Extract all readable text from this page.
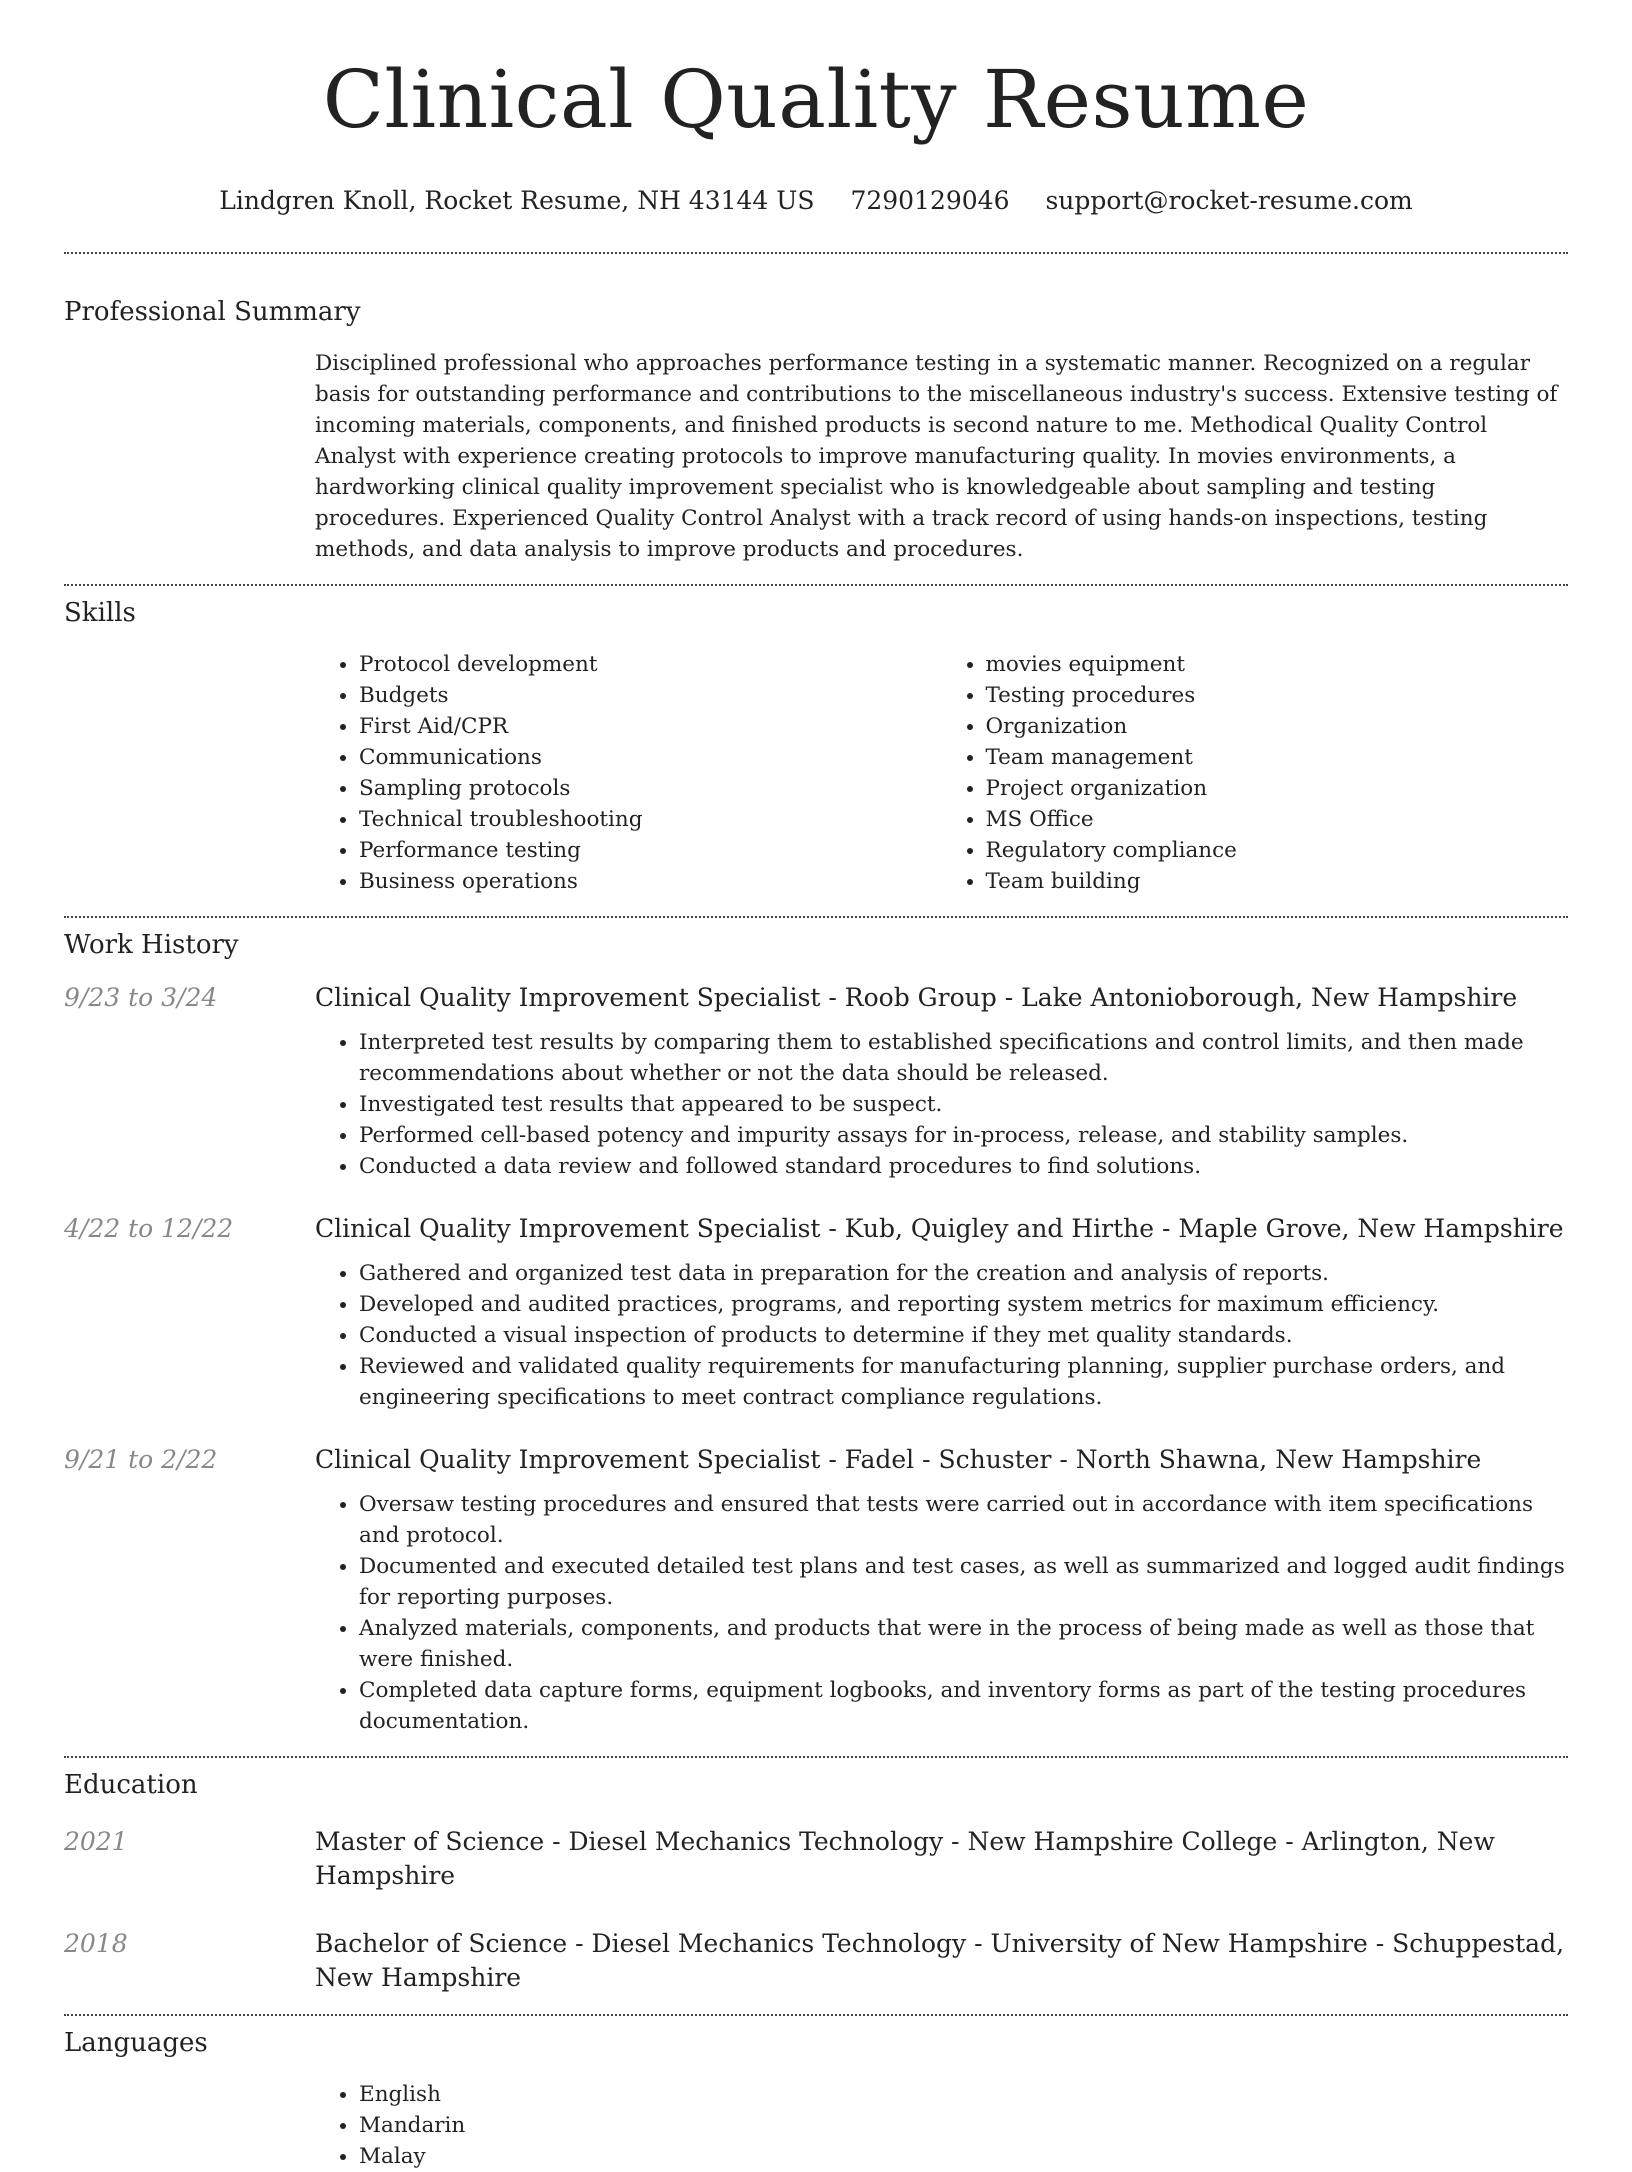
Clinical Quality Resume
Lindgren Knoll, Rocket Resume, NH 43144 US 7290129046 support@rocket-resume.com
Professional Summary

Disciplined professional who approaches performance testing in a systematic manner. Recognized on a regular basis for outstanding performance and contributions to the miscellaneous industry's success. Extensive testing of incoming materials, components, and finished products is second nature to me. Methodical Quality Control Analyst with experience creating protocols to improve manufacturing quality. In movies environments, a hardworking clinical quality improvement specialist who is knowledgeable about sampling and testing procedures. Experienced Quality Control Analyst with a track record of using hands-on inspections, testing methods, and data analysis to improve products and procedures.

Skills
• Protocol development
• Budgets
• First Aid/CPR
• Communications
• Sampling protocols
• Technical troubleshooting
• Performance testing
• Business operations
• movies equipment
• Testing procedures
• Organization
• Team management
• Project organization
• MS Office
• Regulatory compliance
• Team building
Work History
9/23 to 3/24	Clinical Quality Improvement Specialist - Roob Group - Lake Antonioborough, New Hampshire

• Interpreted test results by comparing them to established specifications and control limits, and then made recommendations about whether or not the data should be released.
• Investigated test results that appeared to be suspect.
• Performed cell-based potency and impurity assays for in-process, release, and stability samples.
• Conducted a data review and followed standard procedures to find solutions.
4/22 to 12/22	Clinical Quality Improvement Specialist - Kub, Quigley and Hirthe - Maple Grove, New Hampshire

• Gathered and organized test data in preparation for the creation and analysis of reports.
• Developed and audited practices, programs, and reporting system metrics for maximum efficiency.
• Conducted a visual inspection of products to determine if they met quality standards.
• Reviewed and validated quality requirements for manufacturing planning, supplier purchase orders, and engineering specifications to meet contract compliance regulations.
9/21 to 2/22	Clinical Quality Improvement Specialist - Fadel - Schuster - North Shawna, New Hampshire

• Oversaw testing procedures and ensured that tests were carried out in accordance with item specifications and protocol.
• Documented and executed detailed test plans and test cases, as well as summarized and logged audit findings for reporting purposes.
• Analyzed materials, components, and products that were in the process of being made as well as those that were finished.
• Completed data capture forms, equipment logbooks, and inventory forms as part of the testing procedures documentation.
Education
2021	Master of Science - Diesel Mechanics Technology - New Hampshire College - Arlington, New Hampshire

2018	Bachelor of Science - Diesel Mechanics Technology - University of New Hampshire - Schuppestad, New Hampshire

Languages
• English
• Mandarin
• Malay
